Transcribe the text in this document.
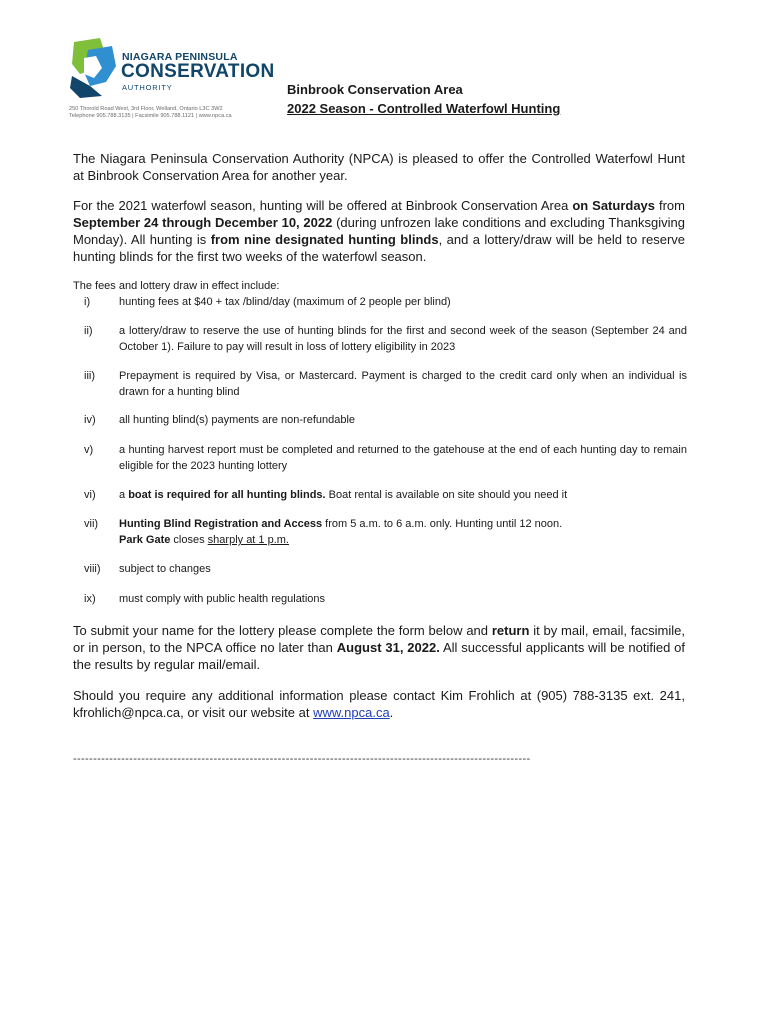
NIAGARA PENINSULA
CONSERVATION
AUTHORITY
250 Thorold Road West, 3rd Floor, Welland, Ontario L3C 3W2
Telephone 905.788.3135 | Facsimile 905.788.1121 | www.npca.ca
Binbrook Conservation Area
2022 Season - Controlled Waterfowl Hunting
The Niagara Peninsula Conservation Authority (NPCA) is pleased to offer the Controlled Waterfowl Hunt at Binbrook Conservation Area for another year.
For the 2021 waterfowl season, hunting will be offered at Binbrook Conservation Area on Saturdays from September 24 through December 10, 2022 (during unfrozen lake conditions and excluding Thanksgiving Monday). All hunting is from nine designated hunting blinds, and a lottery/draw will be held to reserve hunting blinds for the first two weeks of the waterfowl season.
The fees and lottery draw in effect include:
i)	hunting fees at $40 + tax /blind/day (maximum of 2 people per blind)
ii) a lottery/draw to reserve the use of hunting blinds for the first and second week of the season (September 24 and October 1). Failure to pay will result in loss of lottery eligibility in 2023
iii) Prepayment is required by Visa, or Mastercard. Payment is charged to the credit card only when an individual is drawn for a hunting blind
iv) all hunting blind(s) payments are non-refundable
v) a hunting harvest report must be completed and returned to the gatehouse at the end of each hunting day to remain eligible for the 2023 hunting lottery
vi) a boat is required for all hunting blinds. Boat rental is available on site should you need it
vii) Hunting Blind Registration and Access from 5 a.m. to 6 a.m. only. Hunting until 12 noon.
Park Gate closes sharply at 1 p.m.
viii) subject to changes
ix) must comply with public health regulations
To submit your name for the lottery please complete the form below and return it by mail, email, facsimile, or in person, to the NPCA office no later than August 31, 2022. All successful applicants will be notified of the results by regular mail/email.
Should you require any additional information please contact Kim Frohlich at (905) 788-3135 ext. 241, kfrohlich@npca.ca, or visit our website at www.npca.ca.
------------------------------------------------------------------------------------------------------------------
